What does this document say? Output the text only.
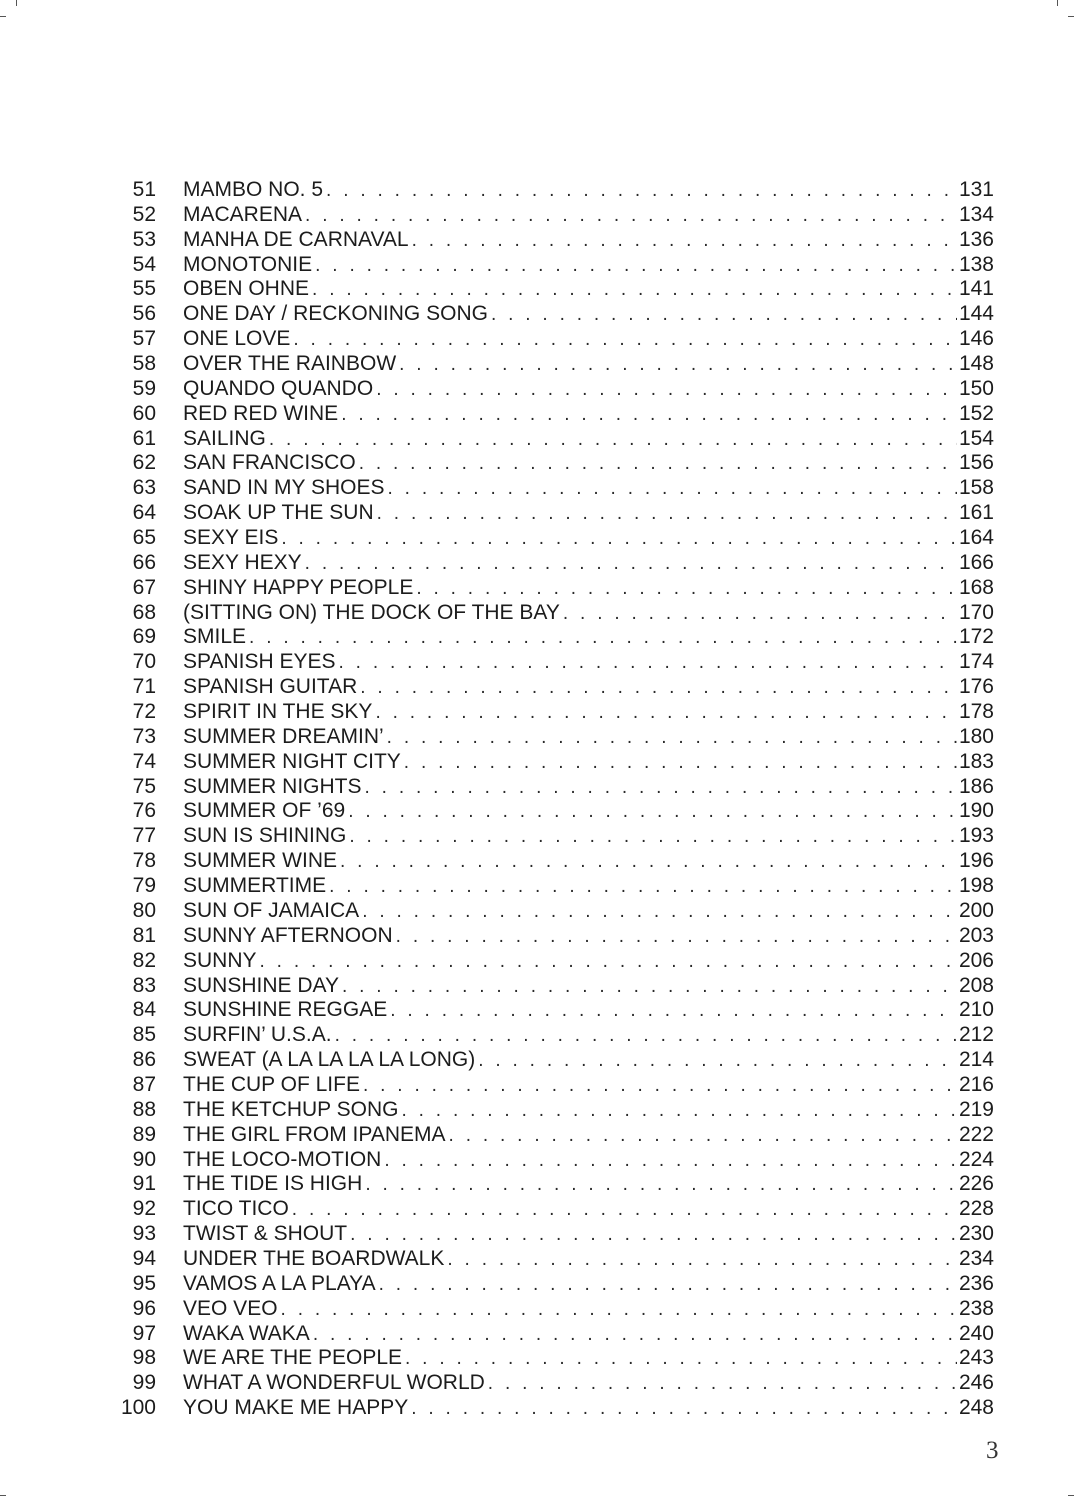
51 MAMBO NO. 5 . . .	131
52 MACARENA . . .	134
53 MANHA DE CARNAVAL . . .	136
54 MONOTONIE . . .	138
55 OBEN OHNE . . .	141
56 ONE DAY / RECKONING SONG . . .	144
57 ONE LOVE . . .	146
58 OVER THE RAINBOW . . .	148
59 QUANDO QUANDO . . .	150
60 RED RED WINE . . .	152
61 SAILING . . .	154
62 SAN FRANCISCO . . .	156
63 SAND IN MY SHOES . . .	158
64 SOAK UP THE SUN . . .	161
65 SEXY EIS . . .	164
66 SEXY HEXY . . .	166
67 SHINY HAPPY PEOPLE . . .	168
68 (SITTING ON) THE DOCK OF THE BAY . . .	170
69 SMILE . . .	172
70 SPANISH EYES . . .	174
71 SPANISH GUITAR . . .	176
72 SPIRIT IN THE SKY . . .	178
73 SUMMER DREAMIN’ . . .	180
74 SUMMER NIGHT CITY . . .	183
75 SUMMER NIGHTS . . .	186
76 SUMMER OF ’69 . . .	190
77 SUN IS SHINING . . .	193
78 SUMMER WINE . . .	196
79 SUMMERTIME . . .	198
80 SUN OF JAMAICA . . .	200
81 SUNNY AFTERNOON . . .	203
82 SUNNY . . .	206
83 SUNSHINE DAY . . .	208
84 SUNSHINE REGGAE . . .	210
85 SURFIN’ U.S.A. . . .	212
86 SWEAT (A LA LA LA LA LONG) . . .	214
87 THE CUP OF LIFE . . .	216
88 THE KETCHUP SONG . . .	219
89 THE GIRL FROM IPANEMA . . .	222
90 THE LOCO-MOTION . . .	224
91 THE TIDE IS HIGH . . .	226
92 TICO TICO . . .	228
93 TWIST & SHOUT . . .	230
94 UNDER THE BOARDWALK . . .	234
95 VAMOS A LA PLAYA . . .	236
96 VEO VEO . . .	238
97 WAKA WAKA . . .	240
98 WE ARE THE PEOPLE . . .	243
99 WHAT A WONDERFUL WORLD . . .	246
100 YOU MAKE ME HAPPY . . .	248
3
